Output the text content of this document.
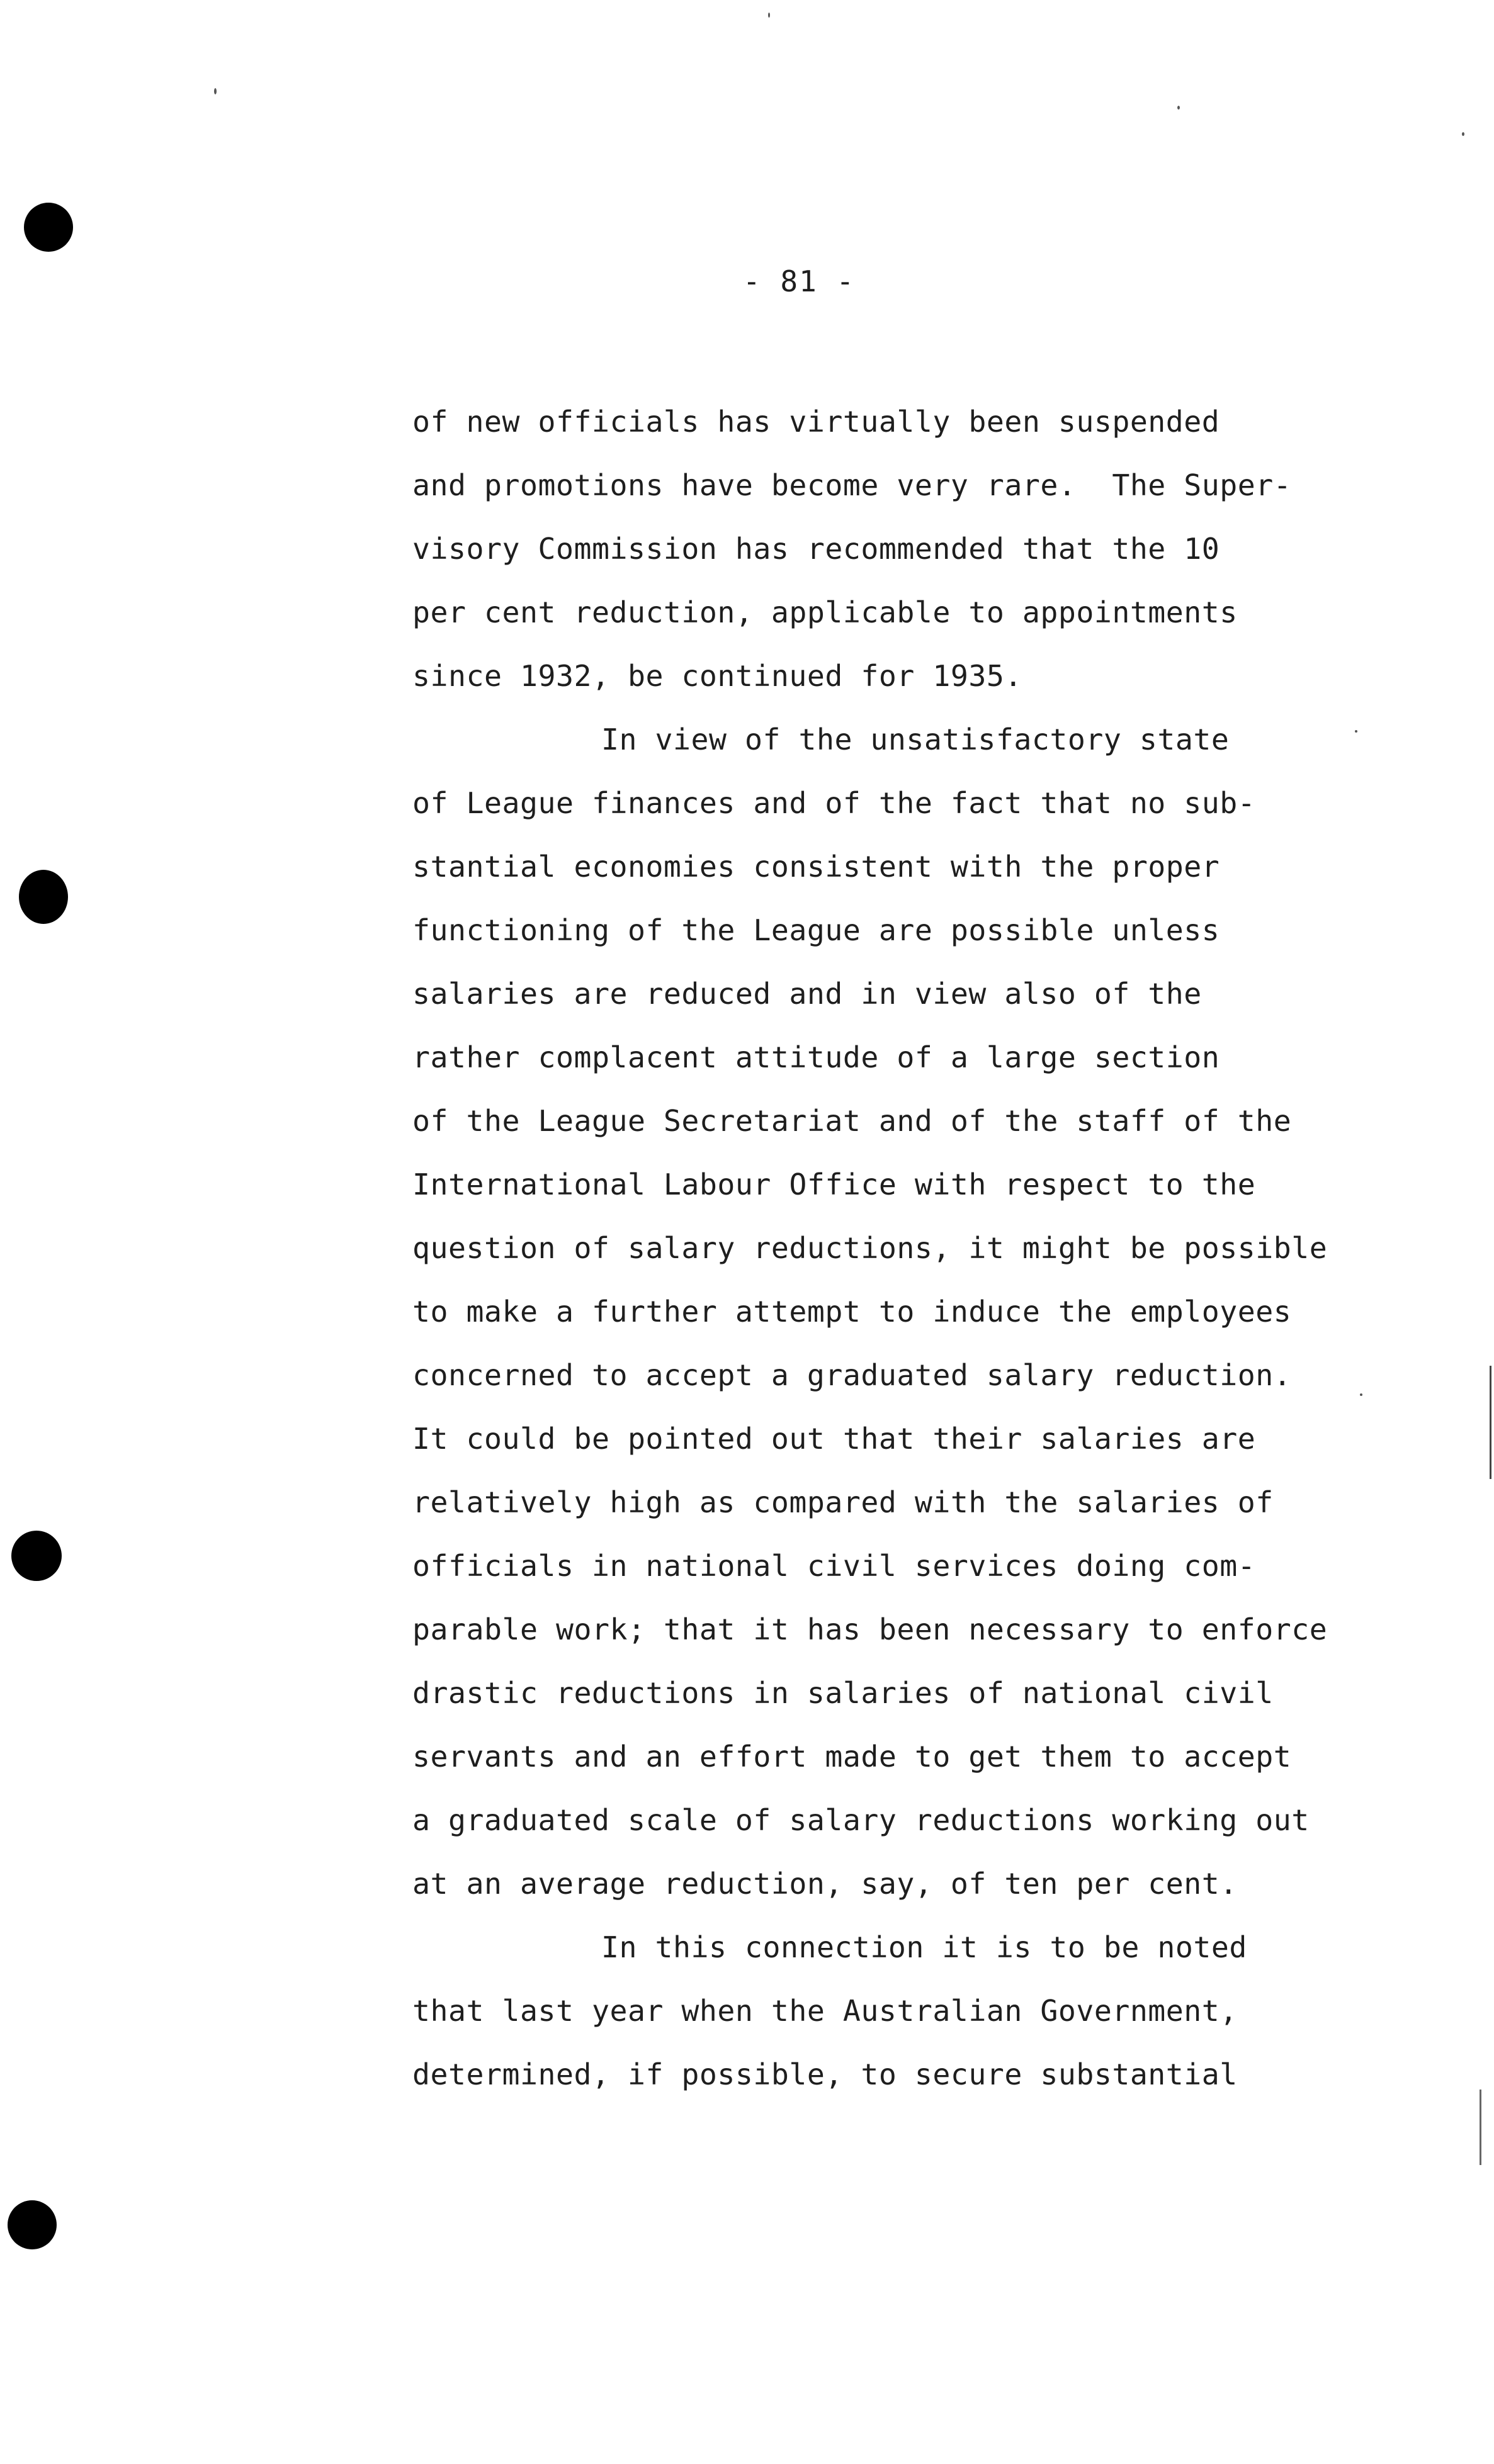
- 81 -
of new officials has virtually been suspended
and promotions have become very rare.  The Super-
visory Commission has recommended that the 10
per cent reduction, applicable to appointments
since 1932, be continued for 1935.
In view of the unsatisfactory state
of League finances and of the fact that no sub-
stantial economies consistent with the proper
functioning of the League are possible unless
salaries are reduced and in view also of the
rather complacent attitude of a large section
of the League Secretariat and of the staff of the
International Labour Office with respect to the
question of salary reductions, it might be possible
to make a further attempt to induce the employees
concerned to accept a graduated salary reduction.
It could be pointed out that their salaries are
relatively high as compared with the salaries of
officials in national civil services doing com-
parable work; that it has been necessary to enforce
drastic reductions in salaries of national civil
servants and an effort made to get them to accept
a graduated scale of salary reductions working out
at an average reduction, say, of ten per cent.
In this connection it is to be noted
that last year when the Australian Government,
determined, if possible, to secure substantial
